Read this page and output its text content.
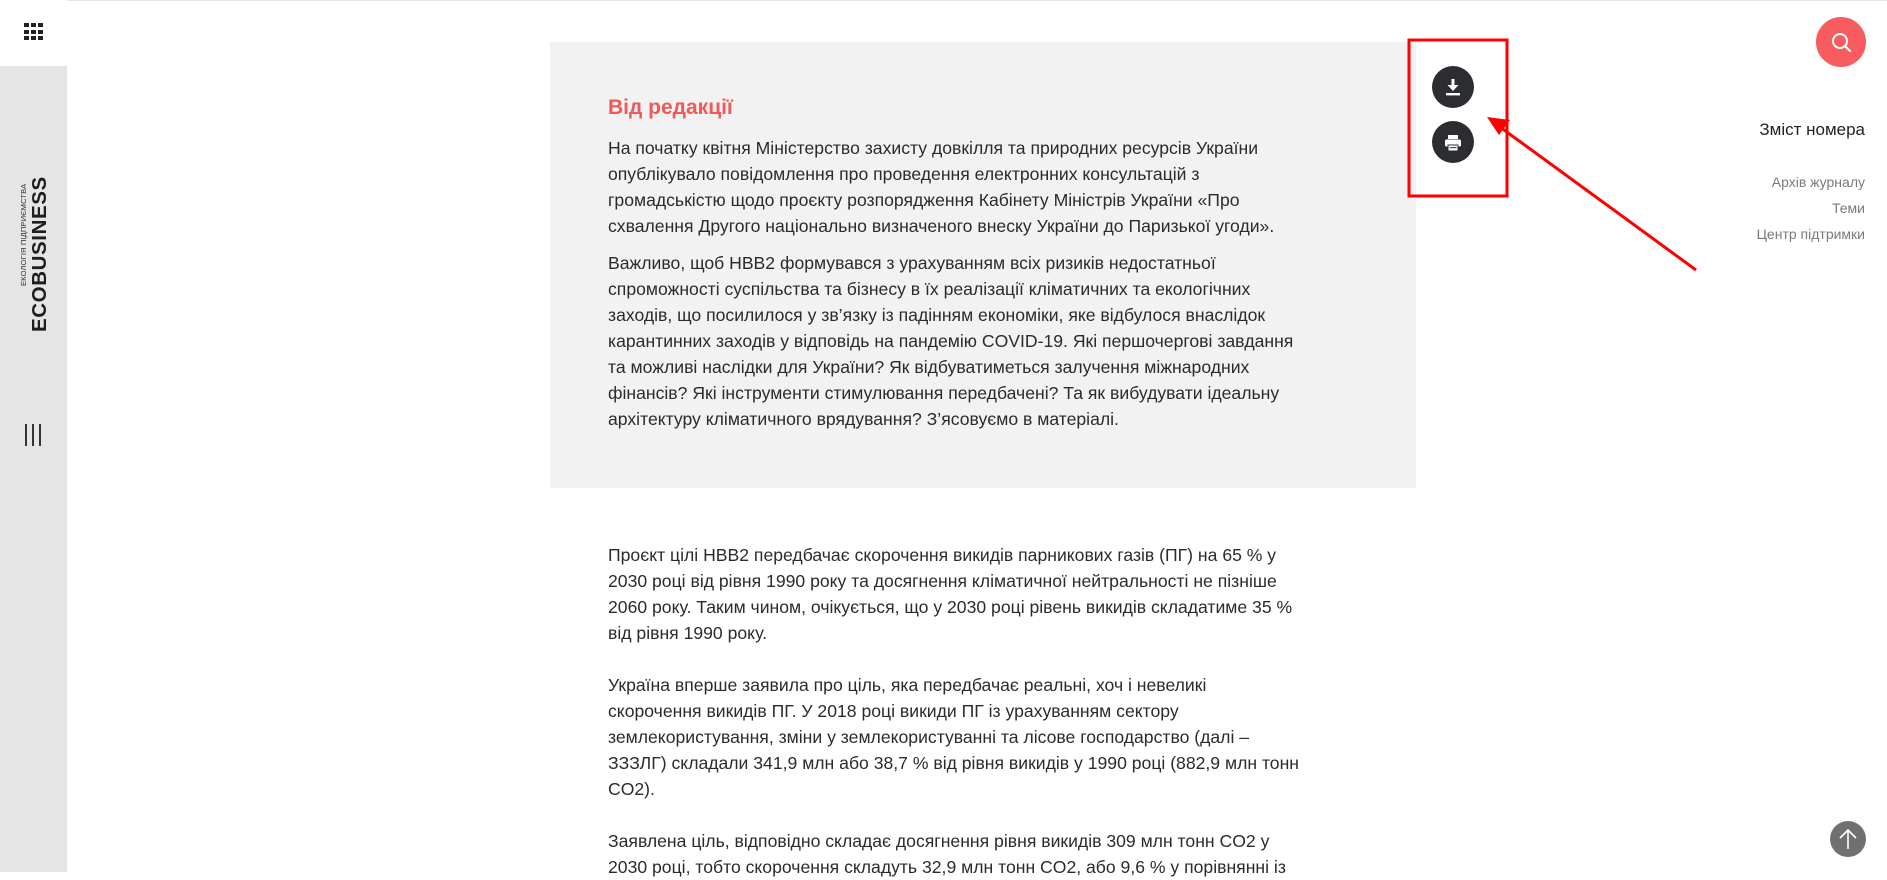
ЕКОЛОГІЯ ПІДПРИЄМСТВА ECOBUSINESS
Від редакції
На початку квітня Міністерство захисту довкілля та природних ресурсів України
опублікувало повідомлення про проведення електронних консультацій з
громадськістю щодо проєкту розпорядження Кабінету Міністрів України «Про
схвалення Другого національно визначеного внеску України до Паризької угоди».
Важливо, щоб НВВ2 формувався з урахуванням всіх ризиків недостатньої
спроможності суспільства та бізнесу в їх реалізації кліматичних та екологічних
заходів, що посилилося у зв’язку із падінням економіки, яке відбулося внаслідок
карантинних заходів у відповідь на пандемію COVID-19. Які першочергові завдання
та можливі наслідки для України? Як відбуватиметься залучення міжнародних
фінансів? Які інструменти стимулювання передбачені? Та як вибудувати ідеальну
архітектуру кліматичного врядування? З’ясовуємо в матеріалі.
Проєкт цілі НВВ2 передбачає скорочення викидів парникових газів (ПГ) на 65 % у
2030 році від рівня 1990 року та досягнення кліматичної нейтральності не пізніше
2060 року. Таким чином, очікується, що у 2030 році рівень викидів складатиме 35 %
від рівня 1990 року.
Україна вперше заявила про ціль, яка передбачає реальні, хоч і невеликі
скорочення викидів ПГ. У 2018 році викиди ПГ із урахуванням сектору
землекористування, зміни у землекористуванні та лісове господарство (далі –
ЗЗЗЛГ) складали 341,9 млн або 38,7 % від рівня викидів у 1990 році (882,9 млн тонн
CO2).
Заявлена ціль, відповідно складає досягнення рівня викидів 309 млн тонн CO2 у
2030 році, тобто скорочення складуть 32,9 млн тонн CO2, або 9,6 % у порівнянні із
Зміст номера
Архів журналу
Теми
Центр підтримки
